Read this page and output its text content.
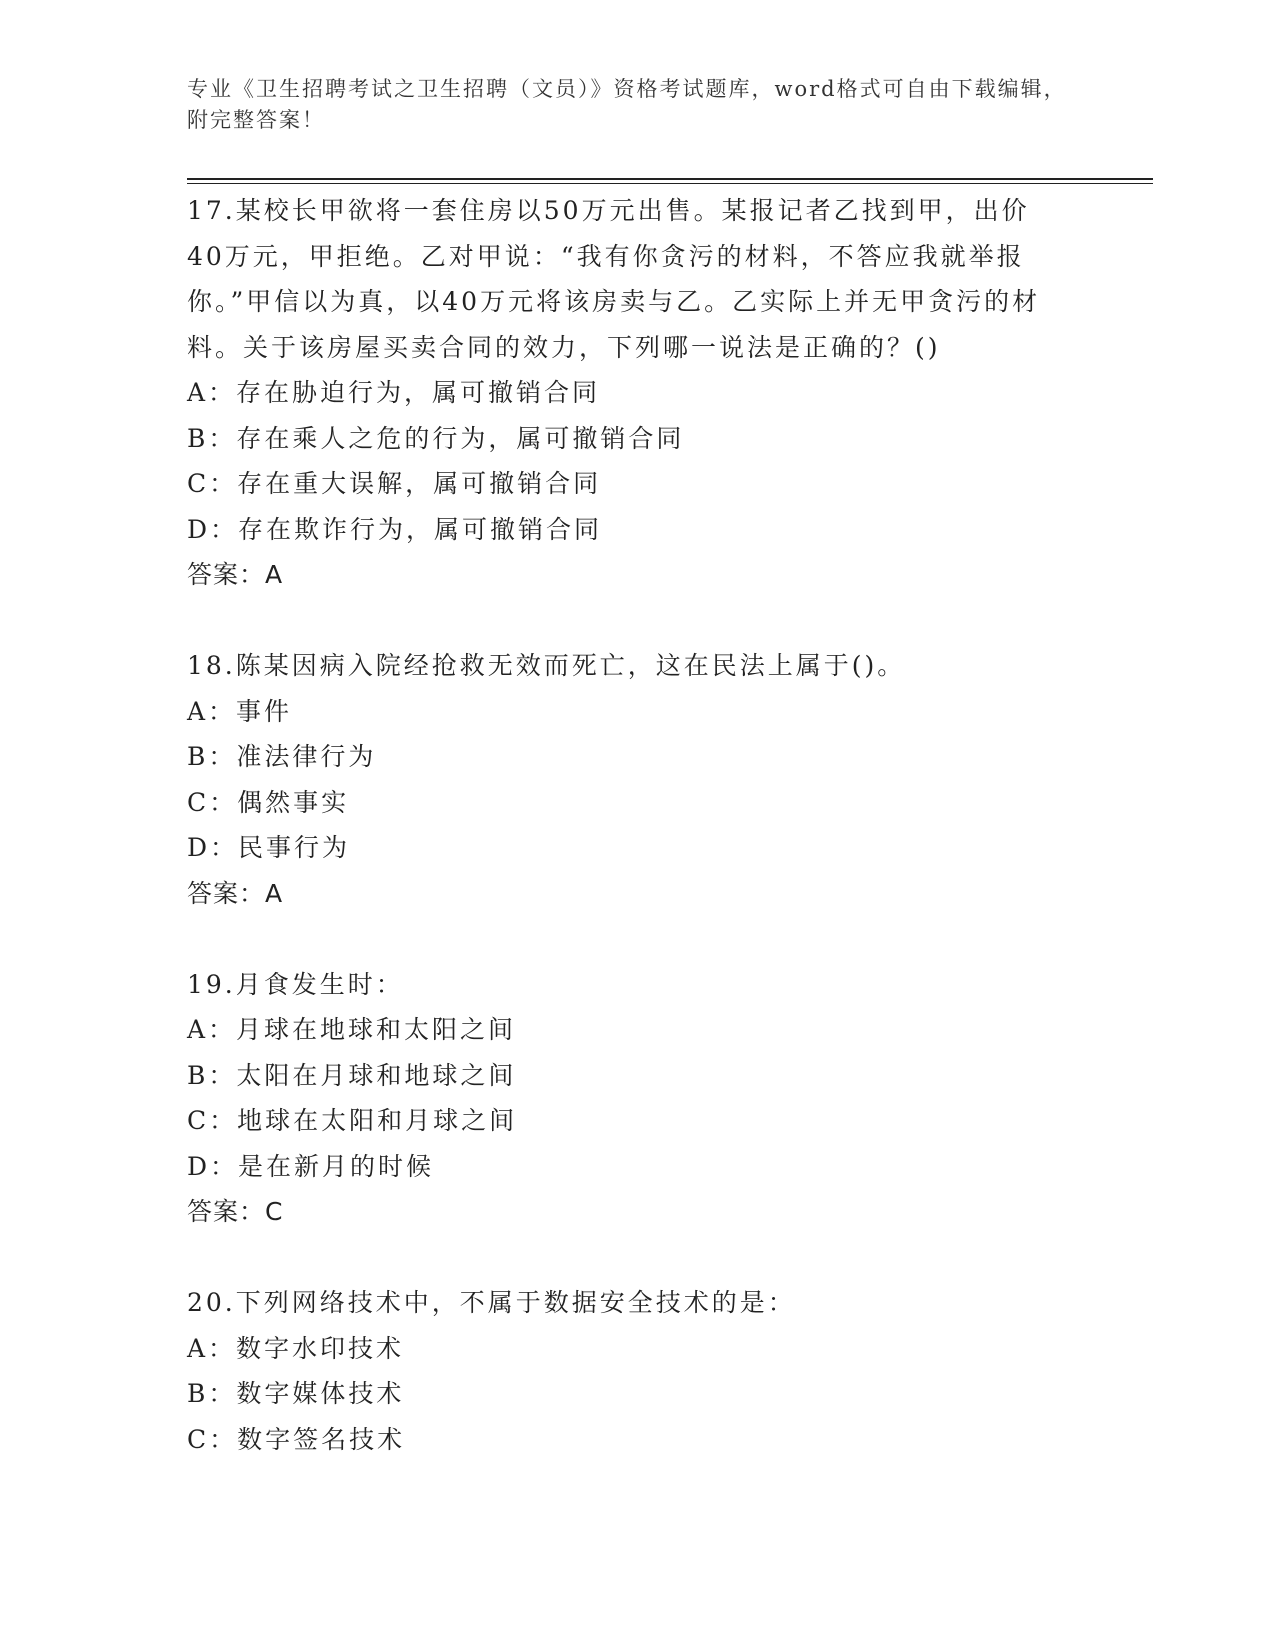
专业《卫生招聘考试之卫生招聘（文员）》资格考试题库，word格式可自由下载编辑，附完整答案！
17.某校长甲欲将一套住房以50万元出售。某报记者乙找到甲，出价40万元，甲拒绝。乙对甲说：“我有你贪污的材料，不答应我就举报你。”甲信以为真，以40万元将该房卖与乙。乙实际上并无甲贪污的材料。关于该房屋买卖合同的效力，下列哪一说法是正确的？()
A：存在胁迫行为，属可撤销合同
B：存在乘人之危的行为，属可撤销合同
C：存在重大误解，属可撤销合同
D：存在欺诈行为，属可撤销合同
答案：A
18.陈某因病入院经抢救无效而死亡，这在民法上属于()。
A：事件
B：准法律行为
C：偶然事实
D：民事行为
答案：A
19.月食发生时：
A：月球在地球和太阳之间
B：太阳在月球和地球之间
C：地球在太阳和月球之间
D：是在新月的时候
答案：C
20.下列网络技术中，不属于数据安全技术的是：
A：数字水印技术
B：数字媒体技术
C：数字签名技术
